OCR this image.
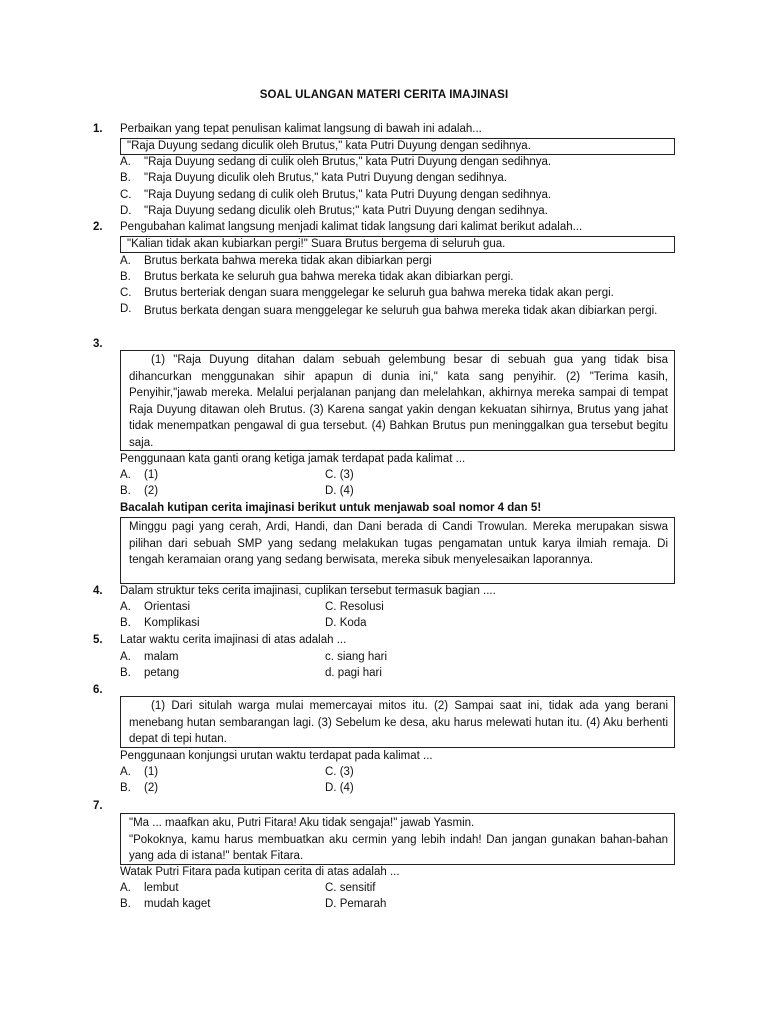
SOAL ULANGAN MATERI CERITA IMAJINASI
1. Perbaikan yang tepat penulisan kalimat langsung di bawah ini adalah...
"Raja Duyung sedang diculik oleh Brutus," kata Putri Duyung dengan sedihnya.
A. "Raja Duyung sedang di culik oleh Brutus," kata Putri Duyung dengan sedihnya.
B. "Raja Duyung diculik oleh Brutus," kata Putri Duyung dengan sedihnya.
C. "Raja Duyung sedang di culik oleh Brutus," kata Putri Duyung dengan sedihnya.
D. "Raja Duyung sedang diculik oleh Brutus;" kata Putri Duyung dengan sedihnya.
2. Pengubahan kalimat langsung menjadi kalimat tidak langsung dari kalimat berikut adalah...
"Kalian tidak akan kubiarkan pergi!" Suara Brutus bergema di seluruh gua.
A. Brutus berkata bahwa mereka tidak akan dibiarkan pergi
B. Brutus berkata ke seluruh gua bahwa mereka tidak akan dibiarkan pergi.
C. Brutus berteriak dengan suara menggelegar ke seluruh gua bahwa mereka tidak akan pergi.
D. Brutus berkata dengan suara menggelegar ke seluruh gua bahwa mereka tidak akan dibiarkan pergi.
3.
(1) "Raja Duyung ditahan dalam sebuah gelembung besar di sebuah gua yang tidak bisa dihancurkan menggunakan sihir apapun di dunia ini," kata sang penyihir. (2) "Terima kasih, Penyihir,"jawab mereka. Melalui perjalanan panjang dan melelahkan, akhirnya mereka sampai di tempat Raja Duyung ditawan oleh Brutus. (3) Karena sangat yakin dengan kekuatan sihirnya, Brutus yang jahat tidak menempatkan pengawal di gua tersebut. (4) Bahkan Brutus pun meninggalkan gua tersebut begitu saja.
Penggunaan kata ganti orang ketiga jamak terdapat pada kalimat ...
A. (1)	C. (3)
B. (2)	D. (4)
Bacalah kutipan cerita imajinasi berikut untuk menjawab soal nomor 4 dan 5!
Minggu pagi yang cerah, Ardi, Handi, dan Dani berada di Candi Trowulan. Mereka merupakan siswa pilihan dari sebuah SMP yang sedang melakukan tugas pengamatan untuk karya ilmiah remaja. Di tengah keramaian orang yang sedang berwisata, mereka sibuk menyelesaikan laporannya.
4. Dalam struktur teks cerita imajinasi, cuplikan tersebut termasuk bagian ....
A. Orientasi	C. Resolusi
B. Komplikasi	D. Koda
5. Latar waktu cerita imajinasi di atas adalah ...
A. malam	c. siang hari
B. petang	d. pagi hari
6.
(1) Dari situlah warga mulai memercayai mitos itu. (2) Sampai saat ini, tidak ada yang berani menebang hutan sembarangan lagi. (3) Sebelum ke desa, aku harus melewati hutan itu. (4) Aku berhenti depat di tepi hutan.
Penggunaan konjungsi urutan waktu terdapat pada kalimat ...
A. (1)	C. (3)
B. (2)	D. (4)
7.
"Ma ... maafkan aku, Putri Fitara! Aku tidak sengaja!" jawab Yasmin.
"Pokoknya, kamu harus membuatkan aku cermin yang lebih indah! Dan jangan gunakan bahan-bahan yang ada di istana!" bentak Fitara.
Watak Putri Fitara pada kutipan cerita di atas adalah ...
A. lembut	C. sensitif
B. mudah kaget	D. Pemarah
